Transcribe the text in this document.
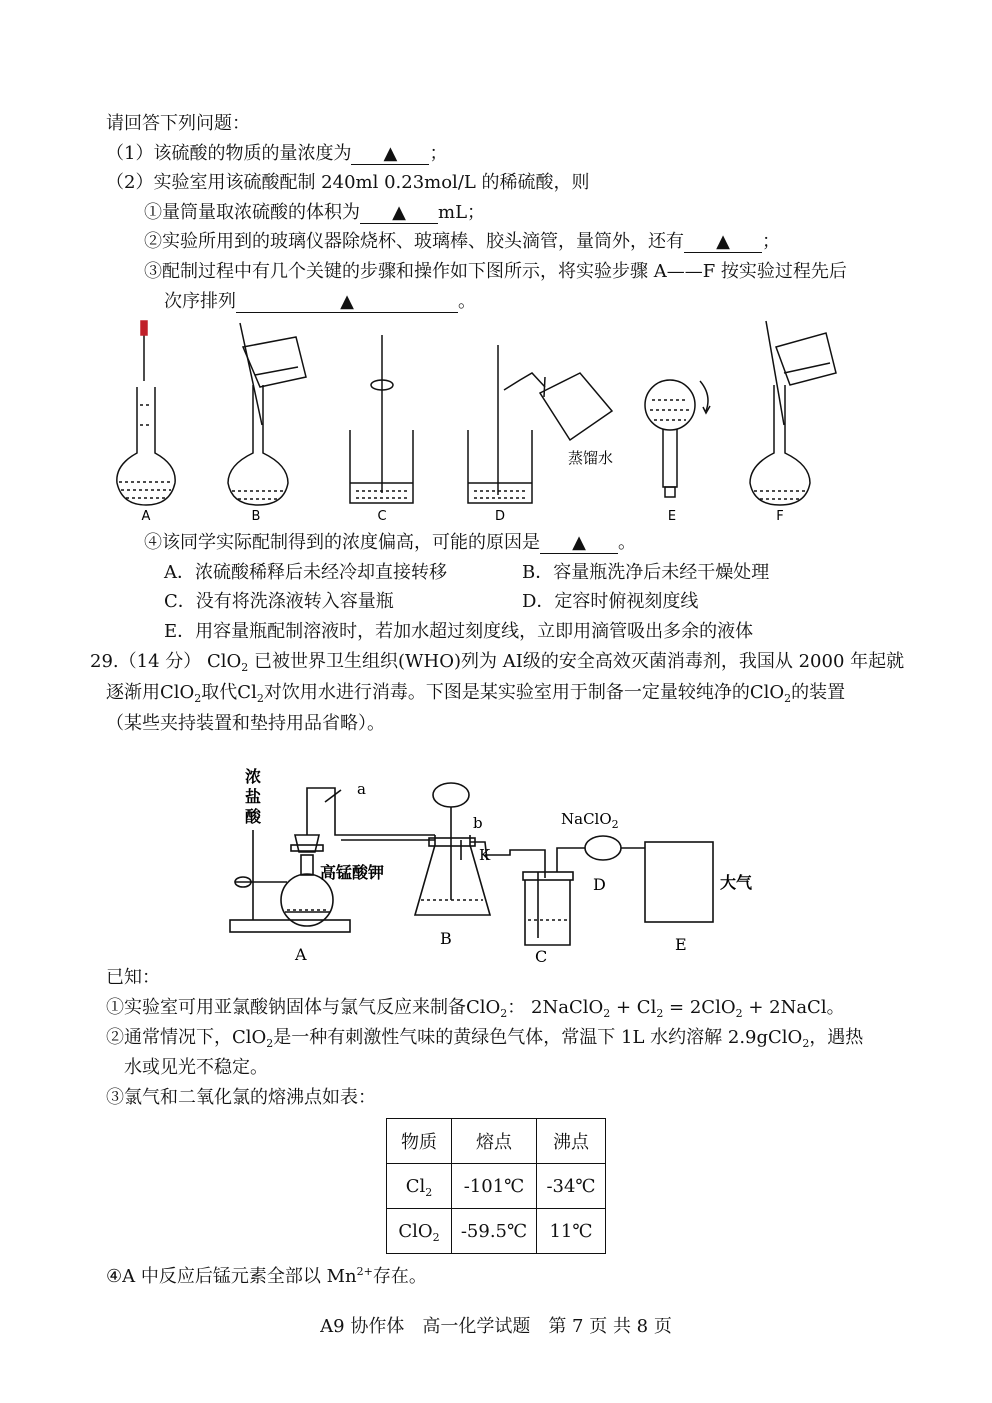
请回答下列问题：
（1）该硫酸的物质的量浓度为 ▲ ；
（2）实验室用该硫酸配制 240ml 0.23mol/L 的稀硫酸，则
①量筒量取浓硫酸的体积为 ▲ mL；
②实验所用到的玻璃仪器除烧杯、玻璃棒、胶头滴管，量筒外，还有 ▲ ；
③配制过程中有几个关键的步骤和操作如下图所示，将实验步骤 A——F 按实验过程先后
次序排列	▲	。
A	B	C	D	E	F
蒸馏水
④该同学实际配制得到的浓度偏高，可能的原因是 ▲ 。
A．浓硫酸稀释后未经冷却直接转移	B．容量瓶洗净后未经干燥处理
C．没有将洗涤液转入容量瓶	D．定容时俯视刻度线
E．用容量瓶配制溶液时，若加水超过刻度线，立即用滴管吸出多余的液体
29.（14 分） ClO$_2$ 已被世界卫生组织(WHO)列为 AI级的安全高效灭菌消毒剂，我国从 2000 年起就
逐渐用ClO$_2$取代$Cl_2$对饮用水进行消毒。下图是某实验室用于制备一定量较纯净的ClO$_2$的装置
（某些夹持装置和垫持用品省略）。
浓
盐
酸
高锰酸钾
a
b
K
NaClO$_2$
大气
A
B
C
D
E
已知：
①实验室可用亚氯酸钠固体与氯气反应来制备ClO$_2$： 2NaClO$_2$ + $Cl_2 = 2ClO_2$ + 2NaCl。
②通常情况下，ClO$_2$是一种有刺激性气味的黄绿色气体，常温下 1L 水约溶解 2.9gClO$_2$，遇热
水或见光不稳定。
③氯气和二氧化氯的熔沸点如表：
物质	熔点	沸点
$Cl_2$	-101℃	-34℃
ClO$_2$	-59.5℃	11℃
④A 中反应后锰元素全部以 $Mn^{2+}$存在。
A9 协作体　高一化学试题　第 7 页 共 8 页
